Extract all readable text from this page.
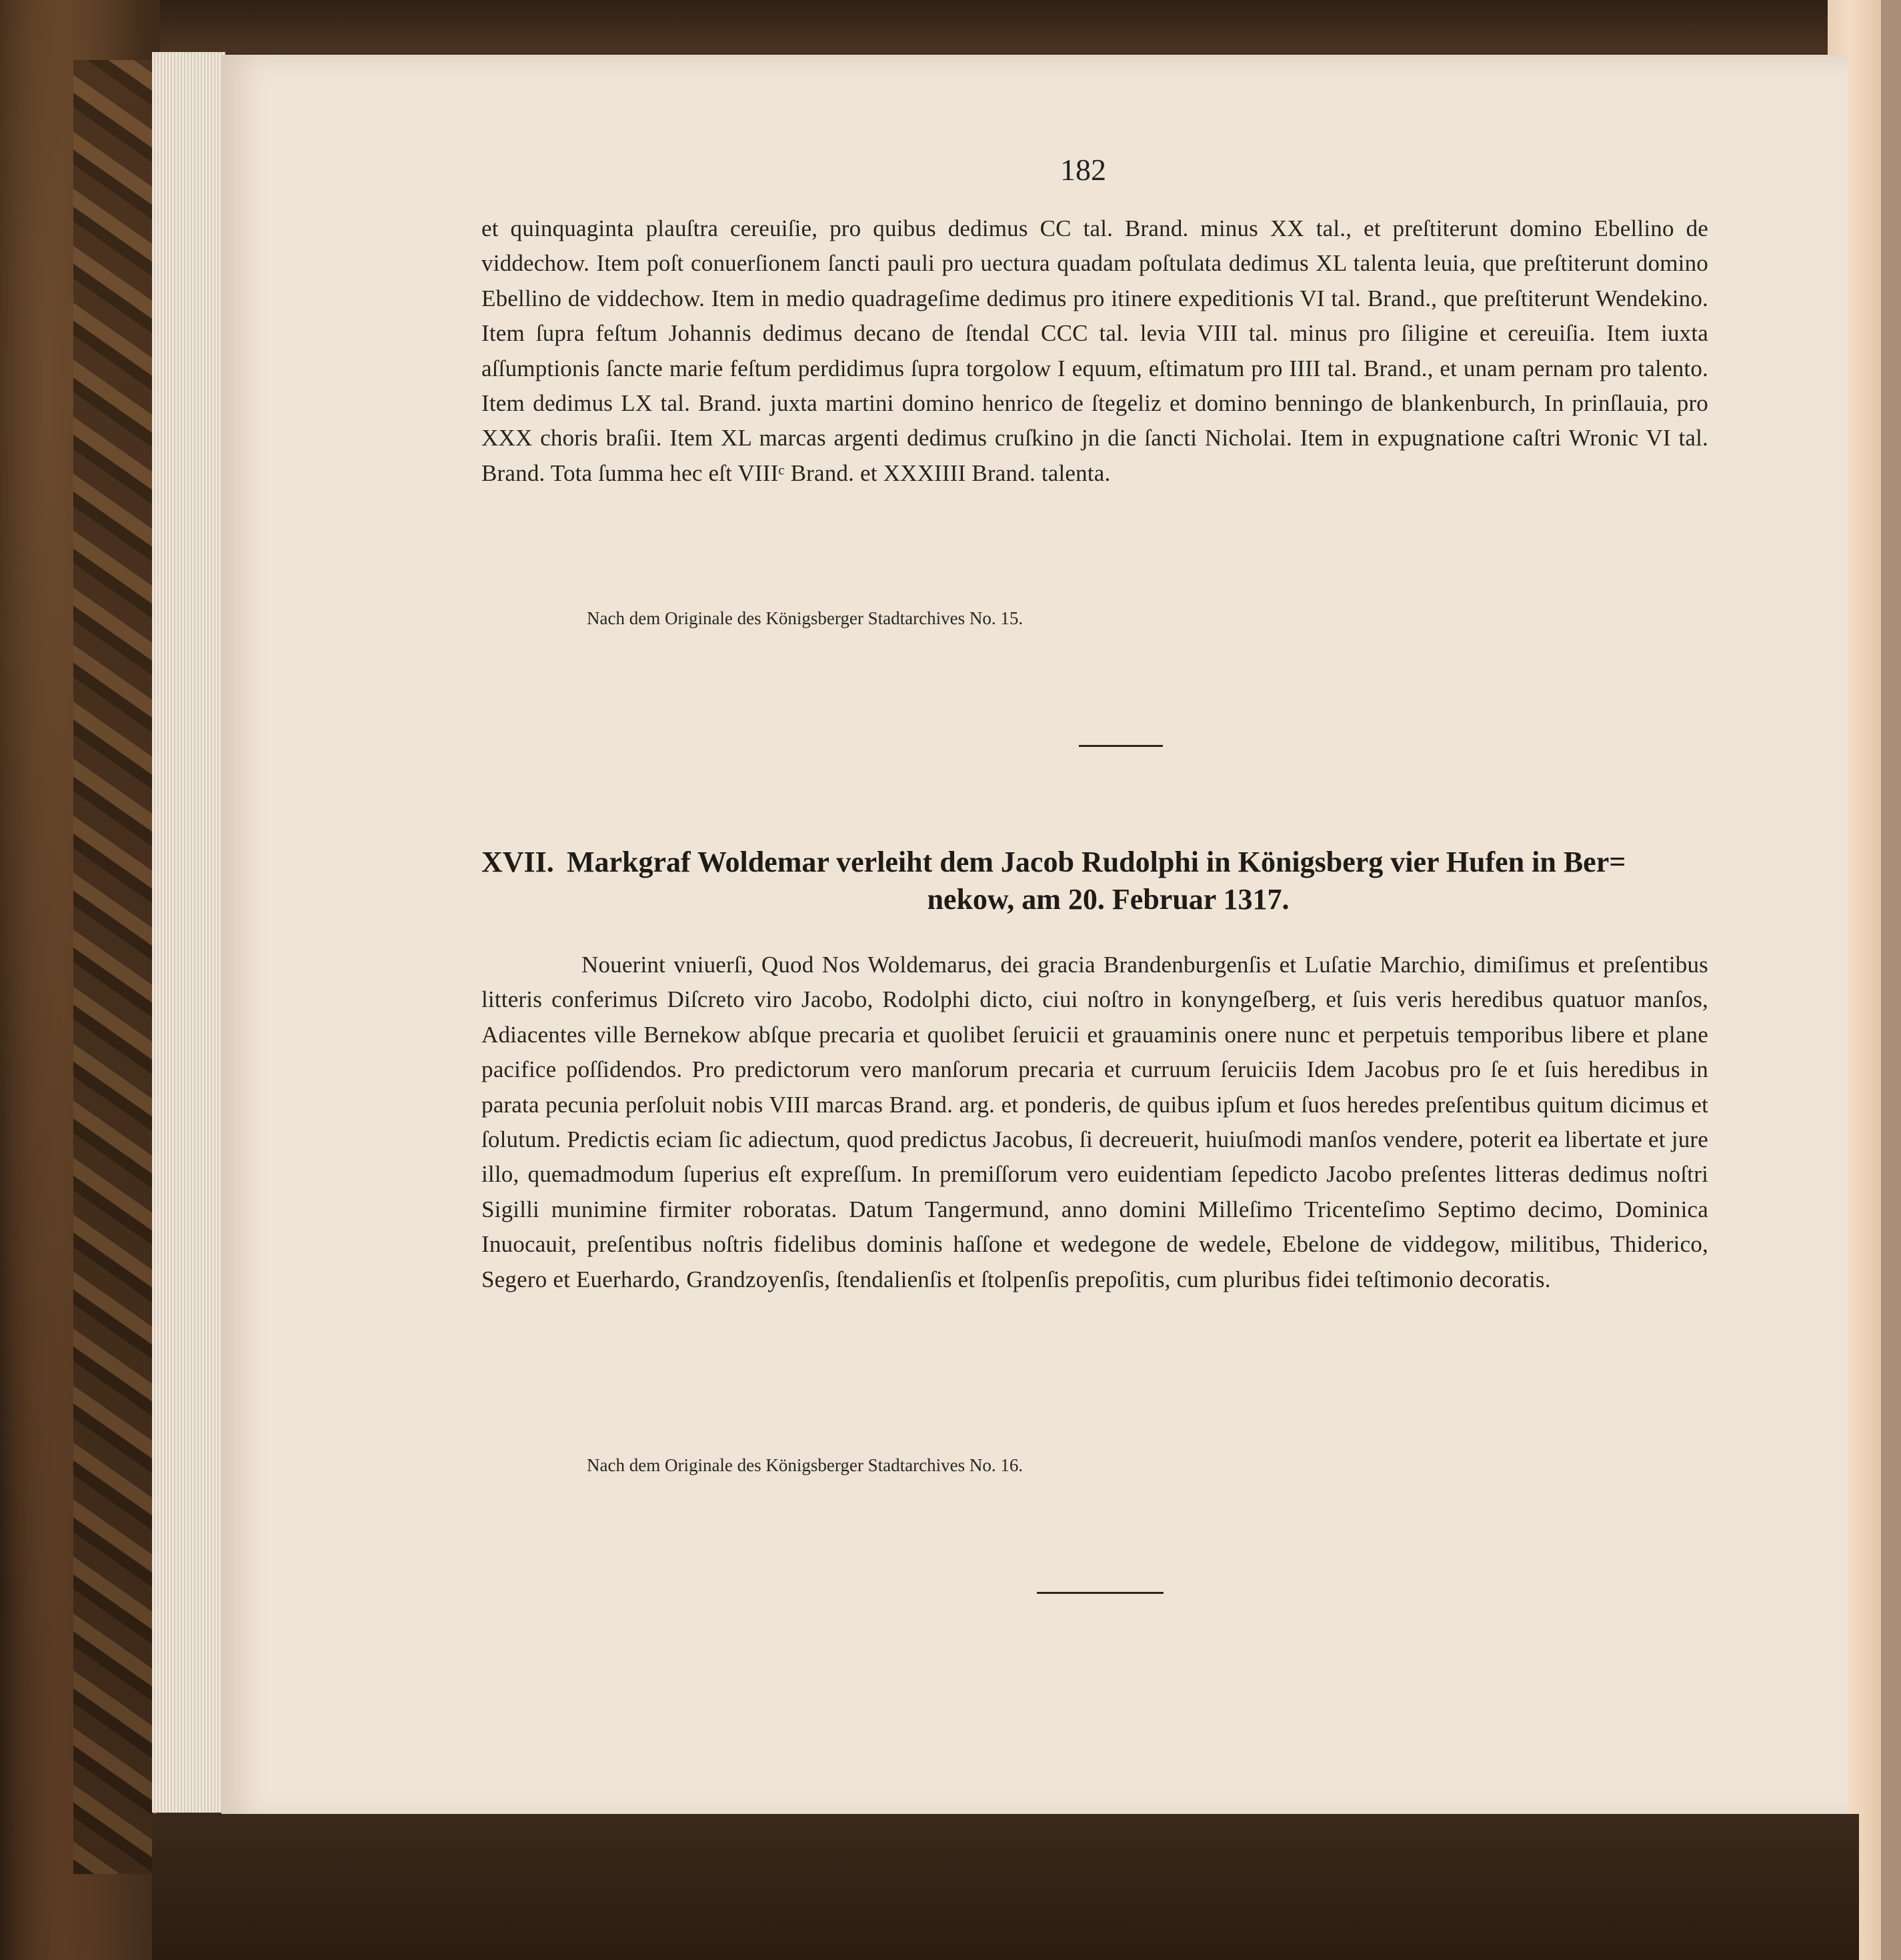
182
et quinquaginta plauſtra cereuiſie, pro quibus dedimus CC tal. Brand. minus XX tal., et preſtiterunt domino Ebellino de viddechow. Item poſt conuerſionem ſancti pauli pro uectura quadam poſtulata dedimus XL talenta leuia, que preſtiterunt domino Ebellino de viddechow. Item in medio quadrageſime dedimus pro itinere expeditionis VI tal. Brand., que preſtiterunt Wendekino. Item ſupra feſtum Johannis dedimus decano de ſtendal CCC tal. levia VIII tal. minus pro ſiligine et cereuiſia. Item iuxta aſſumptionis ſancte marie feſtum perdidimus ſupra torgolow I equum, eſtimatum pro IIII tal. Brand., et unam pernam pro talento. Item dedimus LX tal. Brand. juxta martini domino henrico de ſtegeliz et domino benningo de blankenburch, In prinſlauia, pro XXX choris braſii. Item XL marcas argenti dedimus cruſkino jn die ſancti Nicholai. Item in expugnatione caſtri Wronic VI tal. Brand. Tota ſumma hec eſt VIIIᶜ Brand. et XXXIIII Brand. talenta.
Nach dem Originale des Königsberger Stadtarchives No. 15.
XVII. Markgraf Woldemar verleiht dem Jacob Rudolphi in Königsberg vier Hufen in Ber=
nekow, am 20. Februar 1317.
Nouerint vniuerſi, Quod Nos Woldemarus, dei gracia Brandenburgenſis et Luſatie Marchio, dimiſimus et preſentibus litteris conferimus Diſcreto viro Jacobo, Rodolphi dicto, ciui noſtro in konyngeſberg, et ſuis veris heredibus quatuor manſos, Adiacentes ville Bernekow abſque precaria et quolibet ſeruicii et grauaminis onere nunc et perpetuis temporibus libere et plane pacifice poſſidendos. Pro predictorum vero manſorum precaria et curruum ſeruiciis Idem Jacobus pro ſe et ſuis heredibus in parata pecunia perſoluit nobis VIII marcas Brand. arg. et ponderis, de quibus ipſum et ſuos heredes preſentibus quitum dicimus et ſolutum. Predictis eciam ſic adiectum, quod predictus Jacobus, ſi decreuerit, huiuſmodi manſos vendere, poterit ea libertate et jure illo, quemadmodum ſuperius eſt expreſſum. In premiſſorum vero euidentiam ſepedicto Jacobo preſentes litteras dedimus noſtri Sigilli munimine firmiter roboratas. Datum Tangermund, anno domini Milleſimo Tricenteſimo Septimo decimo, Dominica Inuocauit, preſentibus noſtris fidelibus dominis haſſone et wedegone de wedele, Ebelone de viddegow, militibus, Thiderico, Segero et Euerhardo, Grandzoyenſis, ſtendalienſis et ſtolpenſis prepoſitis, cum pluribus fidei teſtimonio decoratis.
Nach dem Originale des Königsberger Stadtarchives No. 16.
